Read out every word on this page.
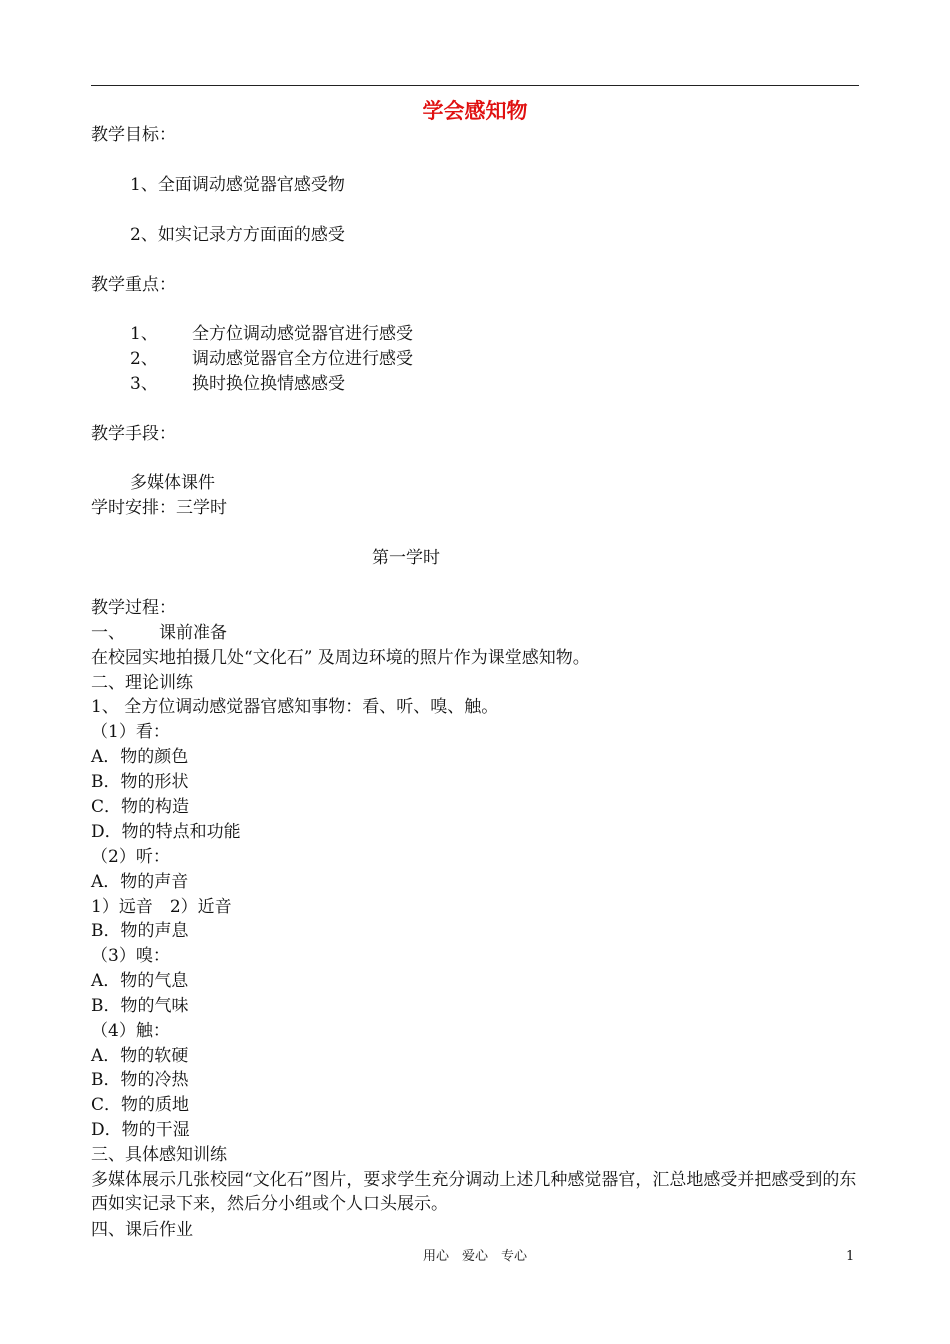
学会感知物
教学目标：
1、全面调动感觉器官感受物
2、如实记录方方面面的感受
教学重点：
1、 全方位调动感觉器官进行感受
2、 调动感觉器官全方位进行感受
3、 换时换位换情感感受
教学手段：
多媒体课件
学时安排：三学时
第一学时
教学过程：
一、 课前准备
在校园实地拍摄几处“文化石” 及周边环境的照片作为课堂感知物。
二、理论训练
1、 全方位调动感觉器官感知事物：看、听、嗅、触。
（1）看：
A．物的颜色
B．物的形状
C．物的构造
D．物的特点和功能
（2）听：
A．物的声音
1）远音　2）近音
B．物的声息
（3）嗅：
A．物的气息
B．物的气味
（4）触：
A．物的软硬
B．物的冷热
C．物的质地
D．物的干湿
三、具体感知训练
多媒体展示几张校园“文化石”图片，要求学生充分调动上述几种感觉器官，汇总地感受并把感受到的东西如实记录下来，然后分小组或个人口头展示。
四、课后作业
用心　爱心　专心	1
